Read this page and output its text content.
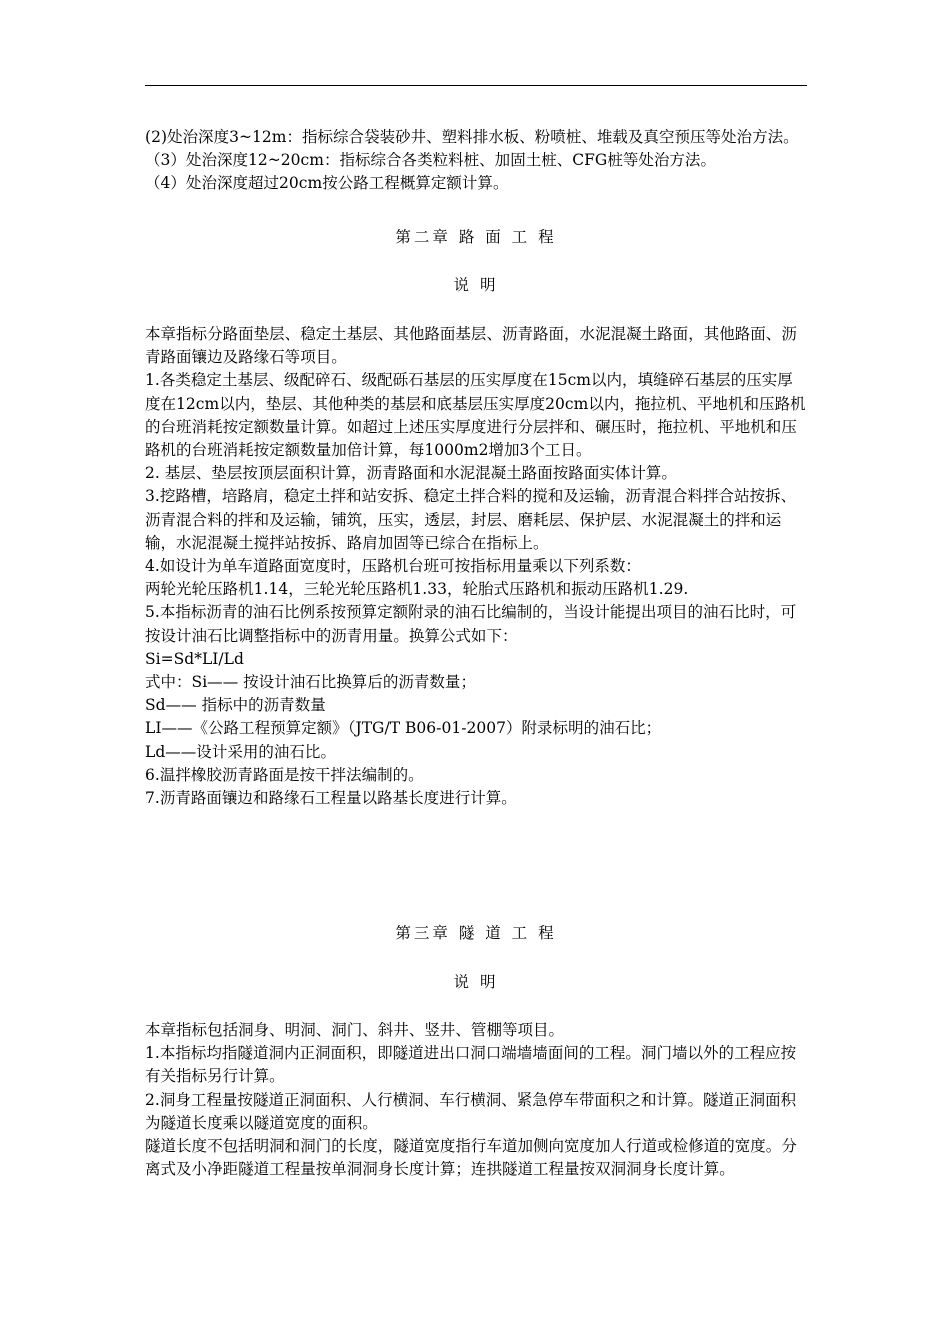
(2)处治深度3~12m：指标综合袋装砂井、塑料排水板、粉喷桩、堆载及真空预压等处治方法。

（3）处治深度12~20cm：指标综合各类粒料桩、加固土桩、CFG桩等处治方法。

（4）处治深度超过20cm按公路工程概算定额计算。

第二章 路 面 工 程
说 明

本章指标分路面垫层、稳定土基层、其他路面基层、沥青路面，水泥混凝土路面，其他路面、沥青路面镶边及路缘石等项目。

1.各类稳定土基层、级配碎石、级配砾石基层的压实厚度在15cm以内，填缝碎石基层的压实厚度在12cm以内，垫层、其他种类的基层和底基层压实厚度20cm以内，拖拉机、平地机和压路机的台班消耗按定额数量计算。如超过上述压实厚度进行分层拌和、碾压时，拖拉机、平地机和压路机的台班消耗按定额数量加倍计算，每1000m2增加3个工日。

2. 基层、垫层按顶层面积计算，沥青路面和水泥混凝土路面按路面实体计算。

3.挖路槽，培路肩，稳定土拌和站安拆、稳定土拌合料的搅和及运输，沥青混合料拌合站按拆、沥青混合料的拌和及运输，铺筑，压实，透层，封层、磨耗层、保护层、水泥混凝土的拌和运输，水泥混凝土搅拌站按拆、路肩加固等已综合在指标上。

4.如设计为单车道路面宽度时，压路机台班可按指标用量乘以下列系数：

两轮光轮压路机1.14，三轮光轮压路机1.33，轮胎式压路机和振动压路机1.29.

5.本指标沥青的油石比例系按预算定额附录的油石比编制的，当设计能提出项目的油石比时，可按设计油石比调整指标中的沥青用量。换算公式如下：

Si=Sd*LI/Ld

式中：Si—— 按设计油石比换算后的沥青数量；

Sd—— 指标中的沥青数量

LI——《公路工程预算定额》（JTG/T B06-01-2007）附录标明的油石比；

Ld——设计采用的油石比。

6.温拌橡胶沥青路面是按干拌法编制的。

7.沥青路面镶边和路缘石工程量以路基长度进行计算。

第三章 隧 道 工 程
说 明

本章指标包括洞身、明洞、洞门、斜井、竖井、管棚等项目。

1.本指标均指隧道洞内正洞面积，即隧道进出口洞口端墙墙面间的工程。洞门墙以外的工程应按有关指标另行计算。

2.洞身工程量按隧道正洞面积、人行横洞、车行横洞、紧急停车带面积之和计算。隧道正洞面积为隧道长度乘以隧道宽度的面积。

隧道长度不包括明洞和洞门的长度，隧道宽度指行车道加侧向宽度加人行道或检修道的宽度。分离式及小净距隧道工程量按单洞洞身长度计算；连拱隧道工程量按双洞洞身长度计算。
